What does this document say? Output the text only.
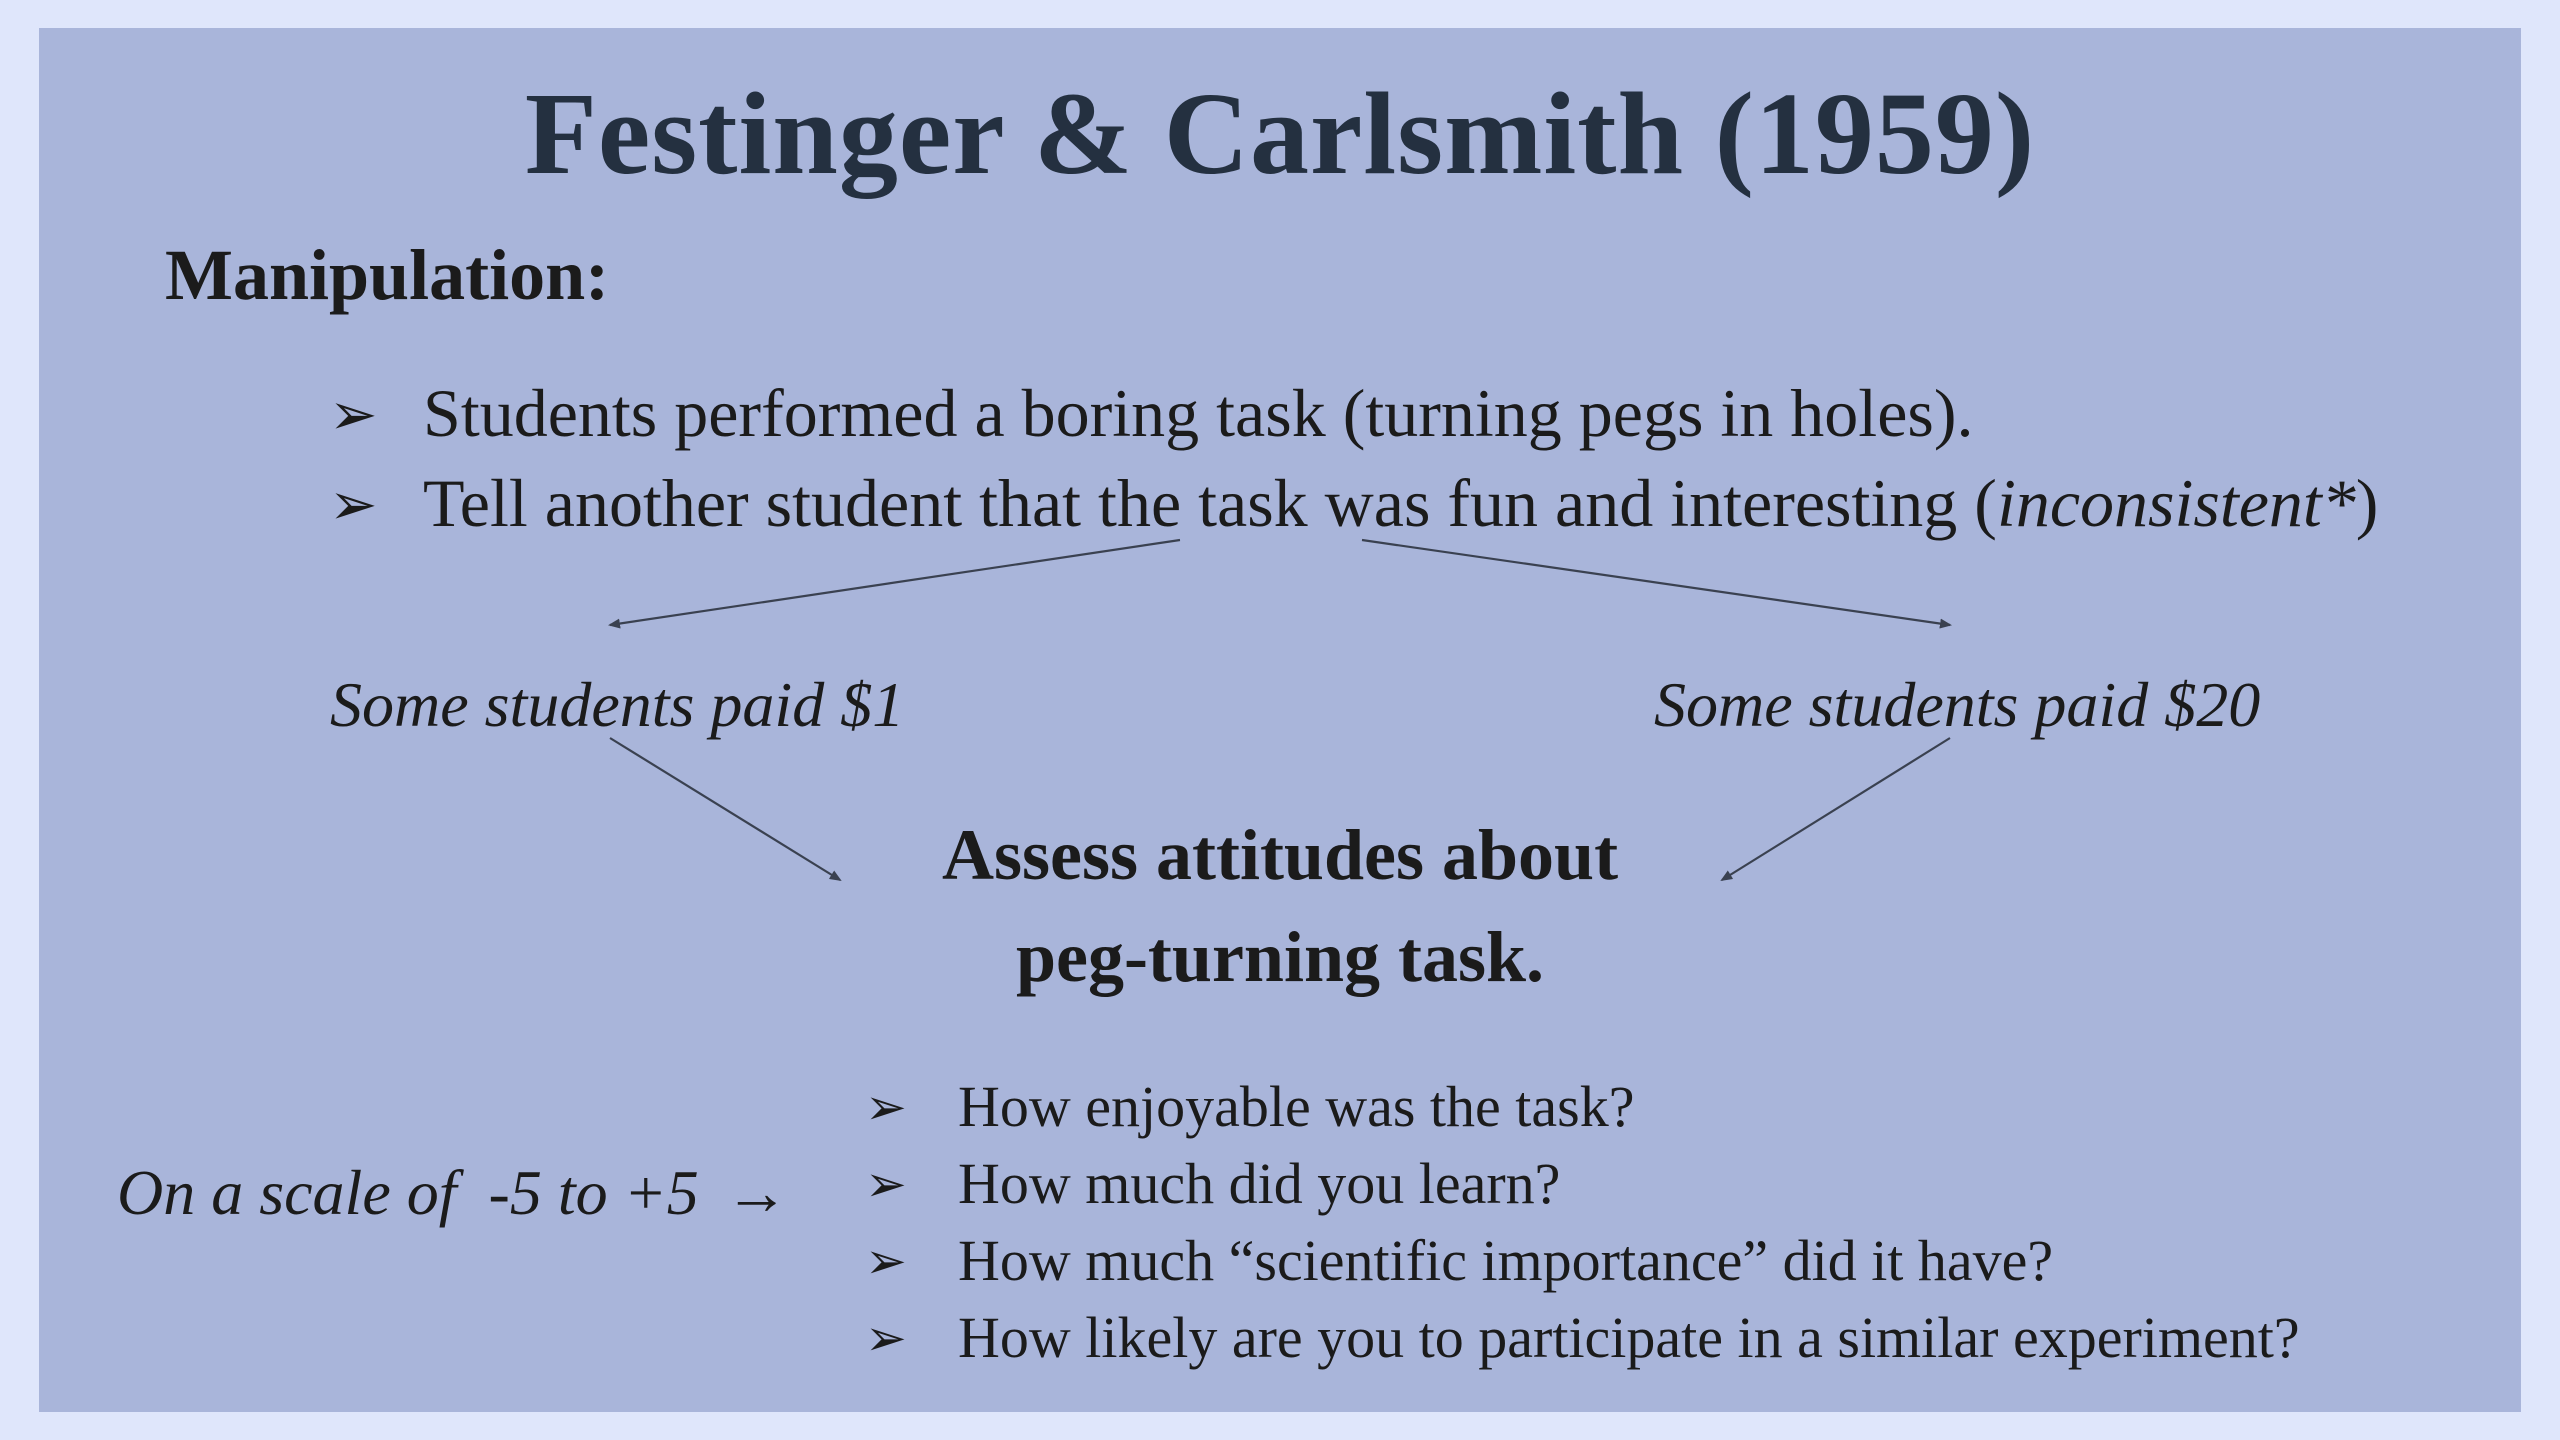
Festinger & Carlsmith (1959)
Manipulation:
➢ Students performed a boring task (turning pegs in holes).
➢ Tell another student that the task was fun and interesting ( inconsistent* )
Some students paid $1	Some students paid $20
Assess attitudes about
peg-turning task.
On a scale of  -5 to +5 →
➢ How enjoyable was the task?
➢ How much did you learn?
➢ How much “scientific importance” did it have?
➢ How likely are you to participate in a similar experiment?
